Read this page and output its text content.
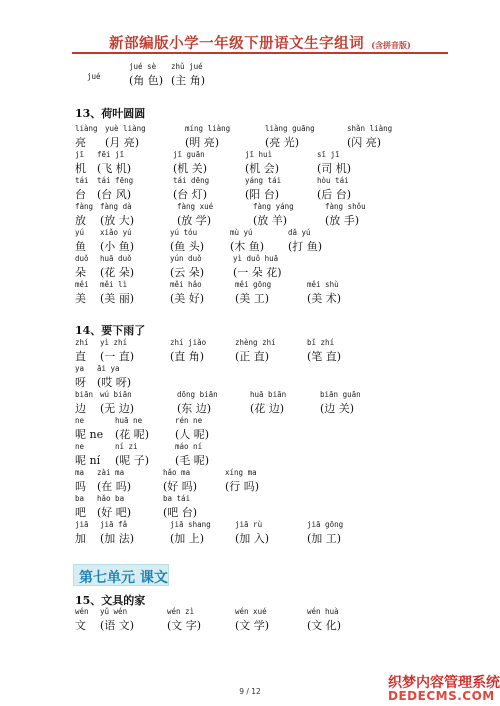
新部编版小学一年级下册语文生字组词 (含拼音版)
jué
jué sè
(角 色)
zhǔ jué
(主 角)
13、荷叶圆圆
liàng
亮
yuè liàng
(月 亮)
míng liàng
(明 亮)
liàng guāng
(亮 光)
shǎn liàng
(闪 亮)
jī
机
fēi jī
(飞 机)
jī guān
(机 关)
jī huì
(机 会)
sī jī
(司 机)
tái
台
tái fēng
(台 风)
tái dēng
(台 灯)
yáng tái
(阳 台)
hòu tái
(后 台)
fàng
放
fàng dà
(放 大)
fàng xué
(放 学)
fàng yáng
(放 羊)
fàng shǒu
(放 手)
yú
鱼
xiǎo yú
(小 鱼)
yú tóu
(鱼 头)
mù yú
(木 鱼)
dǎ yú
(打 鱼)
duǒ
朵
huā duǒ
(花 朵)
yún duǒ
(云 朵)
yì duǒ huā
(一 朵 花)
měi
美
měi lì
(美 丽)
měi hǎo
(美 好)
měi gōng
(美 工)
měi shù
(美 术)
14、要下雨了
zhí
直
yì zhí
(一 直)
zhí jiǎo
(直 角)
zhèng zhí
(正 直)
bǐ zhí
(笔 直)
ya
呀
āi ya
(哎 呀)
biān
边
wú biān
(无 边)
dōng biān
(东 边)
huā biān
(花 边)
biān guān
(边 关)
ne
呢 ne
huā ne
(花 呢)
rén ne
(人 呢)
ne
呢 ní
ní zi
(呢 子)
máo ní
(毛 呢)
ma
吗
zài ma
(在 吗)
hǎo ma
(好 吗)
xíng ma
(行 吗)
ba
吧
hǎo ba
(好 吧)
ba tái
(吧 台)
jiā
加
jiā fǎ
(加 法)
jiā shang
(加 上)
jiā rù
(加 入)
jiā gōng
(加 工)
第七单元 课文
15、文具的家
wén
文
yǔ wén
(语 文)
wén zì
(文 字)
wén xué
(文 学)
wén huà
(文 化)
9 / 12
织梦内容管理系统
DEDECMS.COM
